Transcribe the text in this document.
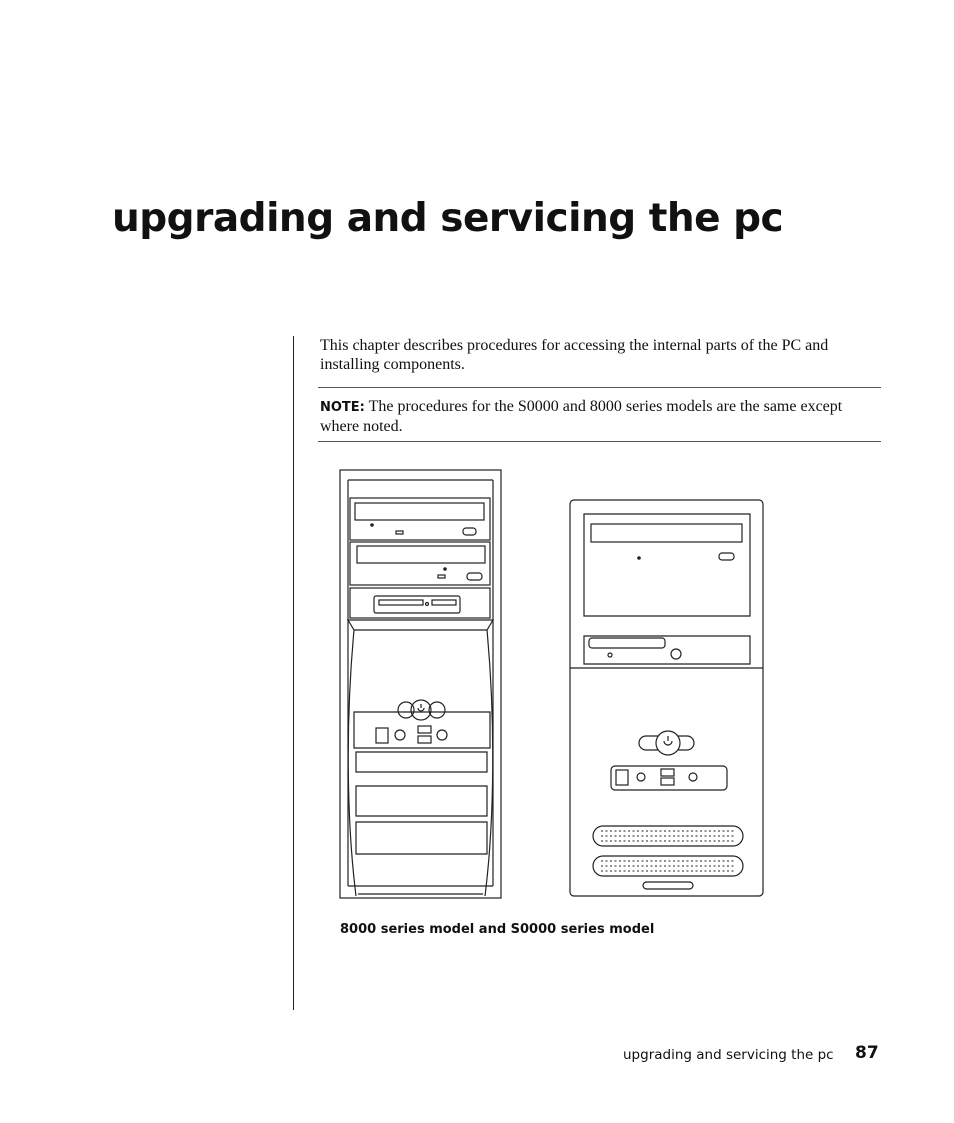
upgrading and servicing the pc

This chapter describes procedures for accessing the internal parts of the PC and installing components.

NOTE: The procedures for the S0000 and 8000 series models are the same except where noted.

8000 series model and S0000 series model

upgrading and servicing the pc 87
